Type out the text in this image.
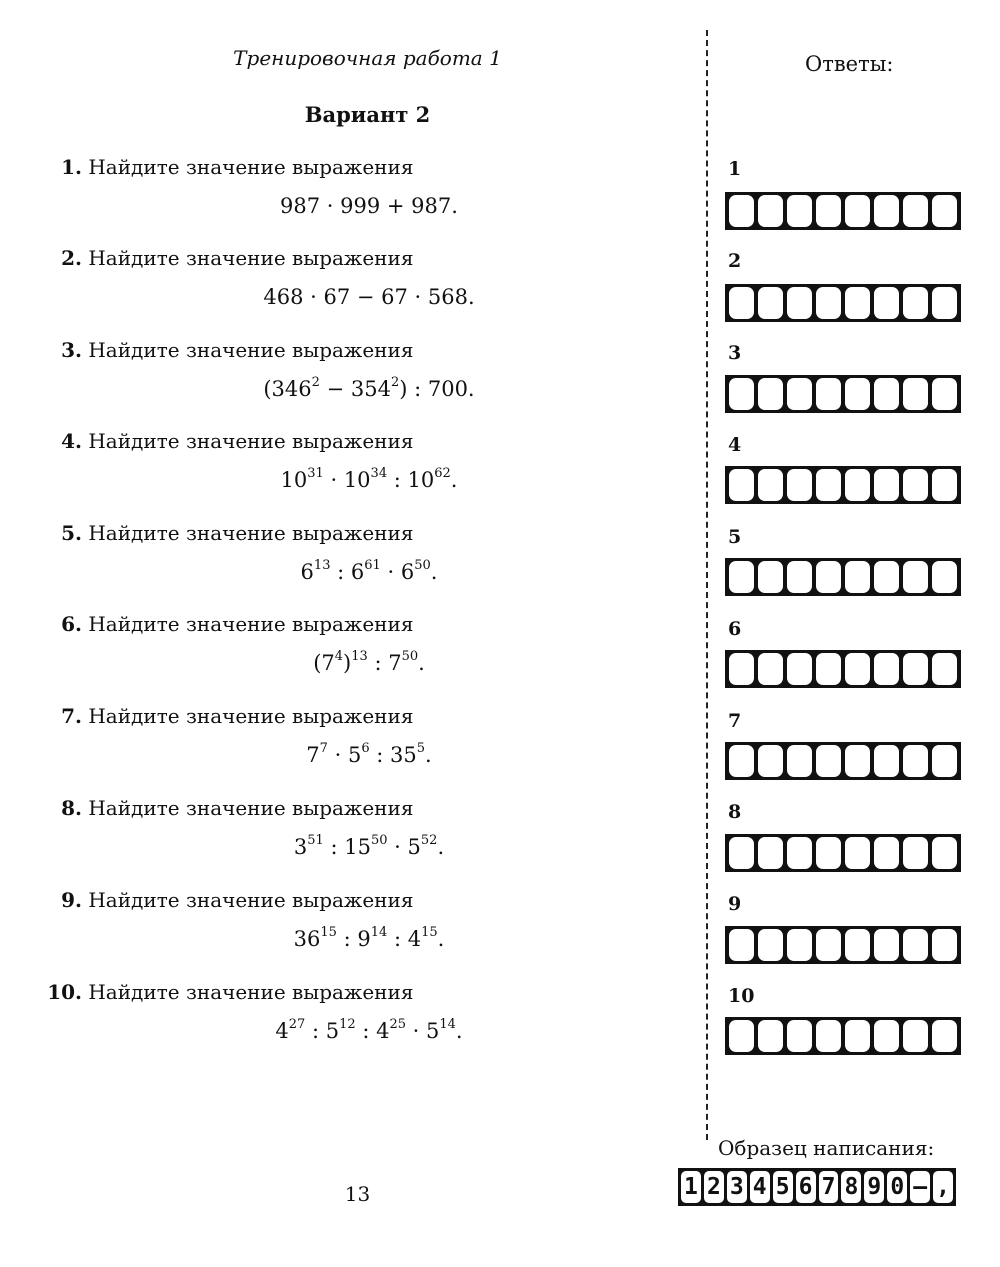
Тренировочная работа 1
Вариант 2
Ответы:
1. Найдите значение выражения
987 · 999 + 987.
2. Найдите значение выражения
468 · 67 − 67 · 568.
3. Найдите значение выражения
$(346^2 - 354^2)$ : 700.
4. Найдите значение выражения
$10^{31} \cdot 10^{34}$ : $10^{62}$.
5. Найдите значение выражения
$6^{13}$ : $6^{61} \cdot 6^{50}$.
6. Найдите значение выражения
$(7^4)^{13}$ : $7^{50}$.
7. Найдите значение выражения
$7^7 \cdot 5^6$ : $35^5$.
8. Найдите значение выражения
$3^{51}$ : $15^{50} \cdot 5^{52}$.
9. Найдите значение выражения
$36^{15}$ : $9^{14}$ : $4^{15}$.
10. Найдите значение выражения
$4^{27}$ : $5^{12}$ : $4^{25} \cdot 5^{14}$.
1
2
3
4
5
6
7
8
9
10
Образец написания:
1 2 3 4 5 6 7 8 9 0 – ,
13
